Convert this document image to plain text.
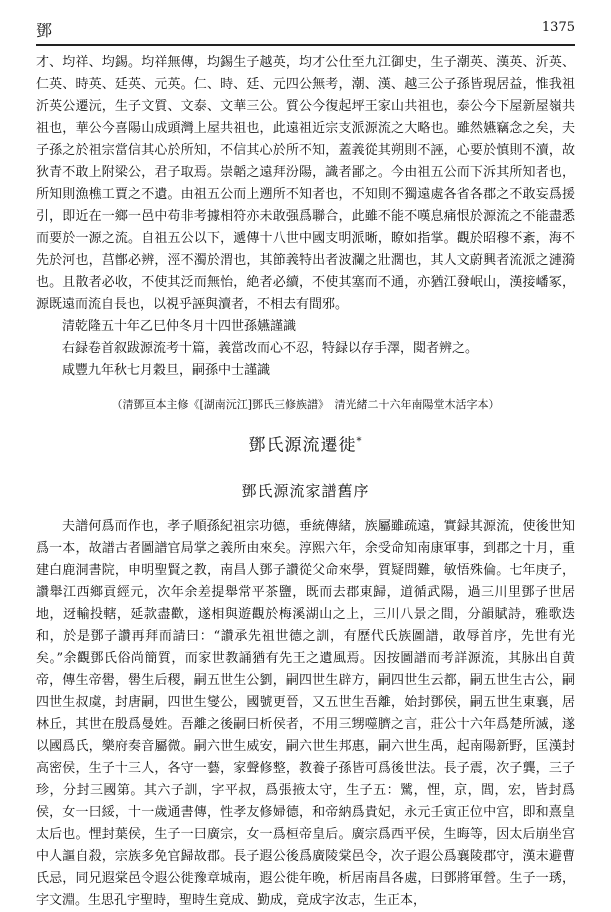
鄧	1375

才、均祥、均錫。均祥無傳，均錫生子越英，均才公仕至九江御史，生子潮英、漢英、沂英、仁英、時英、廷英、元英。仁、時、廷、元四公無考，潮、漢、越三公子孫皆現居益，惟我祖沂英公遷沅，生子文質、文泰、文華三公。質公今復起坪王家山共祖也，泰公今下屋新屋嶺共祖也，華公今喜陽山成頭灣上屋共祖也，此遠祖近宗支派源流之大略也。雖然嬿竊念之矣，夫子孫之於祖宗當信其心於所知，不信其心於所不知，蓋義從其朔則不誣，心要於慎則不瀆，故狄青不敢上附梁公，君子取焉。崇韜之遠拜汾陽，識者鄙之。今由祖五公而下泝其所知者也，所知則漁樵工賈之不遺。由祖五公而上遡所不知者也，不知則不獨遠處各省各郡之不敢妄爲援引，即近在一鄉一邑中苟非考據相符亦未敢强爲聯合，此雖不能不嘆息痛恨於源流之不能盡悉而要於一源之流。自祖五公以下，遞傳十八世中國支明派晰，瞭如指掌。觀於昭穆不紊，海不先於河也，莒鄫必辨，涇不濁於渭也，其節義特出者波瀾之壯濶也，其人文蔚興者流派之漣漪也。且散者必收，不使其泛而無怡，絶者必續，不使其塞而不通，亦猶江發岷山，漢接嶓冢，源既遠而流自長也，以視乎誣與瀆者，不相去有間邪。

清乾隆五十年乙巳仲冬月十四世孫嬿謹識

右録卷首叙跋源流考十篇，義當改而心不忍，特録以存手澤，閲者辨之。

咸豐九年秋七月穀旦，嗣孫中士謹識

（清鄧亘本主修《[湖南沅江]鄧氏三修族譜》　清光緒二十六年南陽堂木活字本）

鄧氏源流遷徙*
鄧氏源流家譜舊序

夫譜何爲而作也，孝子順孫紀祖宗功德，垂統傳緒，族屬雖疏遠，實録其源流，使後世知爲一本，故譜古者圖譜官局掌之義所由來矣。淳熙六年，余受命知南康軍事，到郡之十月，重建白鹿洞書院，申明聖賢之教，南昌人鄧子讚從父命來學，質疑問難，敏悟殊倫。七年庚子，讚舉江西鄉貢經元，次年余差提舉常平茶鹽，既而去郡東歸，道循武陽，過三川里鄧子世居地，迓輸投轄，延款盡歡，遂相與遊觀於梅溪湖山之上，三川八景之間，分韻賦詩，雅歌迭和，於是鄧子讚再拜而請曰：“讚承先祖世德之訓，有歷代氏族圖譜，敢辱首序，先世有光矣。”余觀鄧氏俗尚簡質，而家世教誦猶有先王之遺風焉。因按圖譜而考詳源流，其脉出自黄帝，傳生帝嚳，嚳生后稷，嗣五世生公劉，嗣四世生辟方，嗣四世生云都，嗣五世生古公，嗣四世生叔虞，封唐嗣，四世生燮公，國號更晉，又五世生吾離，始封鄧侯，嗣五世生東襄，居林丘，其世在殷爲曼姓。吾離之後嗣曰析侯者，不用三甥噬臍之言，莊公十六年爲楚所滅，遂以國爲氏，樂府奏音屬微。嗣六世生威安，嗣六世生邦惠，嗣六世生禹，起南陽新野，匡漢封高密侯，生子十三人，各守一藝，家聲修整，教養子孫皆可爲後世法。長子震，次子龔，三子珍，分封三國第。其六子訓，字平叔，爲張掖太守，生子五：騭，悝，京，閭，宏，皆封爲侯，女一曰綏，十一歲通書傳，性孝友修婦德，和帝納爲貴妃，永元壬寅正位中宫，即和熹皇太后也。悝封葉侯，生子一曰廣宗，女一爲桓帝皇后。廣宗爲西平侯，生晦等，因太后崩坐宫中人謳自殺，宗族多免官歸故郡。長子遐公後爲廣陵棠邑令，次子遐公爲襄陵郡守，漢末避曹氏忌，同兄遐棠邑令遐公徙豫章城南，遐公徙年晚，析居南昌各處，曰鄧將軍營。生子一琇，字文淵。生思孔宇聖時，聖時生竟成、勤成，竟成字汝志，生正本，
